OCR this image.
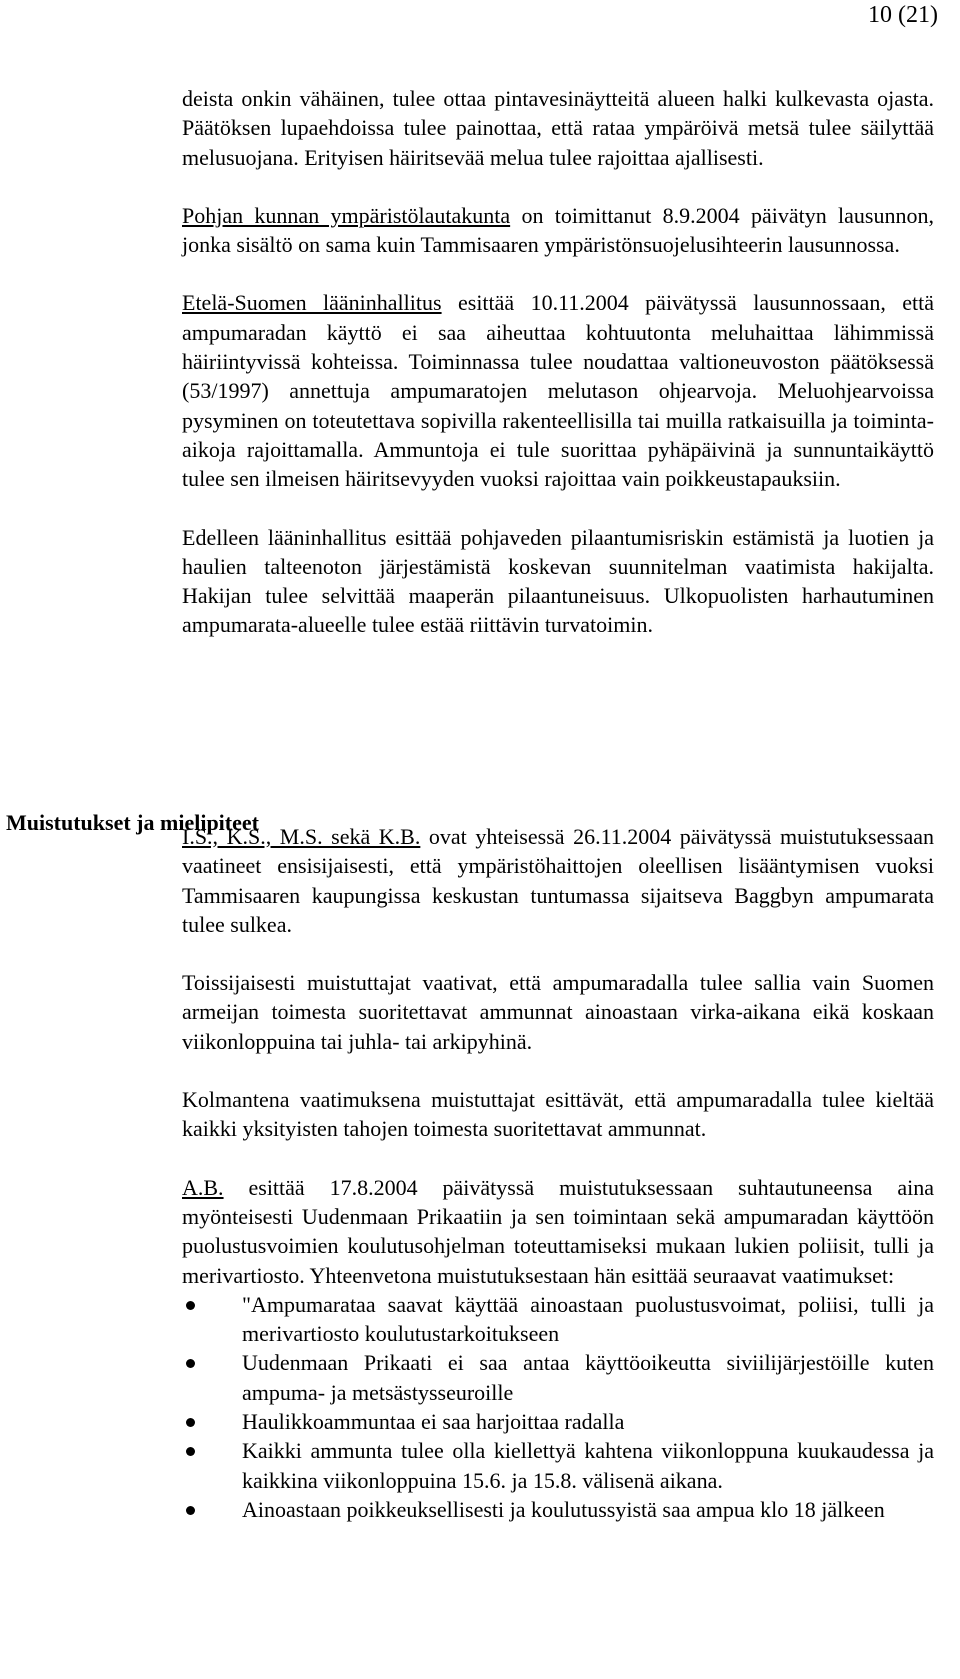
10 (21)
Muistutukset ja mielipiteet

deista onkin vähäinen, tulee ottaa pintavesinäytteitä alueen halki kulkevasta ojasta. Päätöksen lupaehdoissa tulee painottaa, että rataa ympäröivä metsä tulee säilyttää melusuojana. Erityisen häiritsevää melua tulee rajoittaa ajallisesti.

Pohjan kunnan ympäristölautakunta on toimittanut 8.9.2004 päivätyn lausunnon, jonka sisältö on sama kuin Tammisaaren ympäristönsuojelusihteerin lausunnossa.

Etelä-Suomen lääninhallitus esittää 10.11.2004 päivätyssä lausunnossaan, että ampumaradan käyttö ei saa aiheuttaa kohtuutonta meluhaittaa lähimmissä häiriintyvissä kohteissa. Toiminnassa tulee noudattaa valtioneuvoston päätöksessä (53/1997) annettuja ampumaratojen melutason ohjearvoja. Meluohjearvoissa pysyminen on toteutettava sopivilla rakenteellisilla tai muilla ratkaisuilla ja toiminta-aikoja rajoittamalla. Ammuntoja ei tule suorittaa pyhäpäivinä ja sunnuntaikäyttö tulee sen ilmeisen häiritsevyyden vuoksi rajoittaa vain poikkeustapauksiin.

Edelleen lääninhallitus esittää pohjaveden pilaantumisriskin estämistä ja luotien ja haulien talteenoton järjestämistä koskevan suunnitelman vaatimista hakijalta. Hakijan tulee selvittää maaperän pilaantuneisuus. Ulkopuolisten harhautuminen ampumarata-alueelle tulee estää riittävin turvatoimin.

I.S., K.S., M.S. sekä K.B. ovat yhteisessä 26.11.2004 päivätyssä muistutuksessaan vaatineet ensisijaisesti, että ympäristöhaittojen oleellisen lisääntymisen vuoksi Tammisaaren kaupungissa keskustan tuntumassa sijaitseva Baggbyn ampumarata tulee sulkea.

Toissijaisesti muistuttajat vaativat, että ampumaradalla tulee sallia vain Suomen armeijan toimesta suoritettavat ammunnat ainoastaan virka-aikana eikä koskaan viikonloppuina tai juhla- tai arkipyhinä.

Kolmantena vaatimuksena muistuttajat esittävät, että ampumaradalla tulee kieltää kaikki yksityisten tahojen toimesta suoritettavat ammunnat.

A.B. esittää 17.8.2004 päivätyssä muistutuksessaan suhtautuneensa aina myönteisesti Uudenmaan Prikaatiin ja sen toimintaan sekä ampumaradan käyttöön puolustusvoimien koulutusohjelman toteuttamiseksi mukaan lukien poliisit, tulli ja merivartiosto. Yhteenvetona muistutuksestaan hän esittää seuraavat vaatimukset:

"Ampumarataa saavat käyttää ainoastaan puolustusvoimat, poliisi, tulli ja merivartiosto koulutustarkoitukseen
Uudenmaan Prikaati ei saa antaa käyttöoikeutta siviilijärjestöille kuten ampuma- ja metsästysseuroille
Haulikkoammuntaa ei saa harjoittaa radalla
Kaikki ammunta tulee olla kiellettyä kahtena viikonloppuna kuukaudessa ja kaikkina viikonloppuina 15.6. ja 15.8. välisenä aikana.
Ainoastaan poikkeuksellisesti ja koulutussyistä saa ampua klo 18 jälkeen
